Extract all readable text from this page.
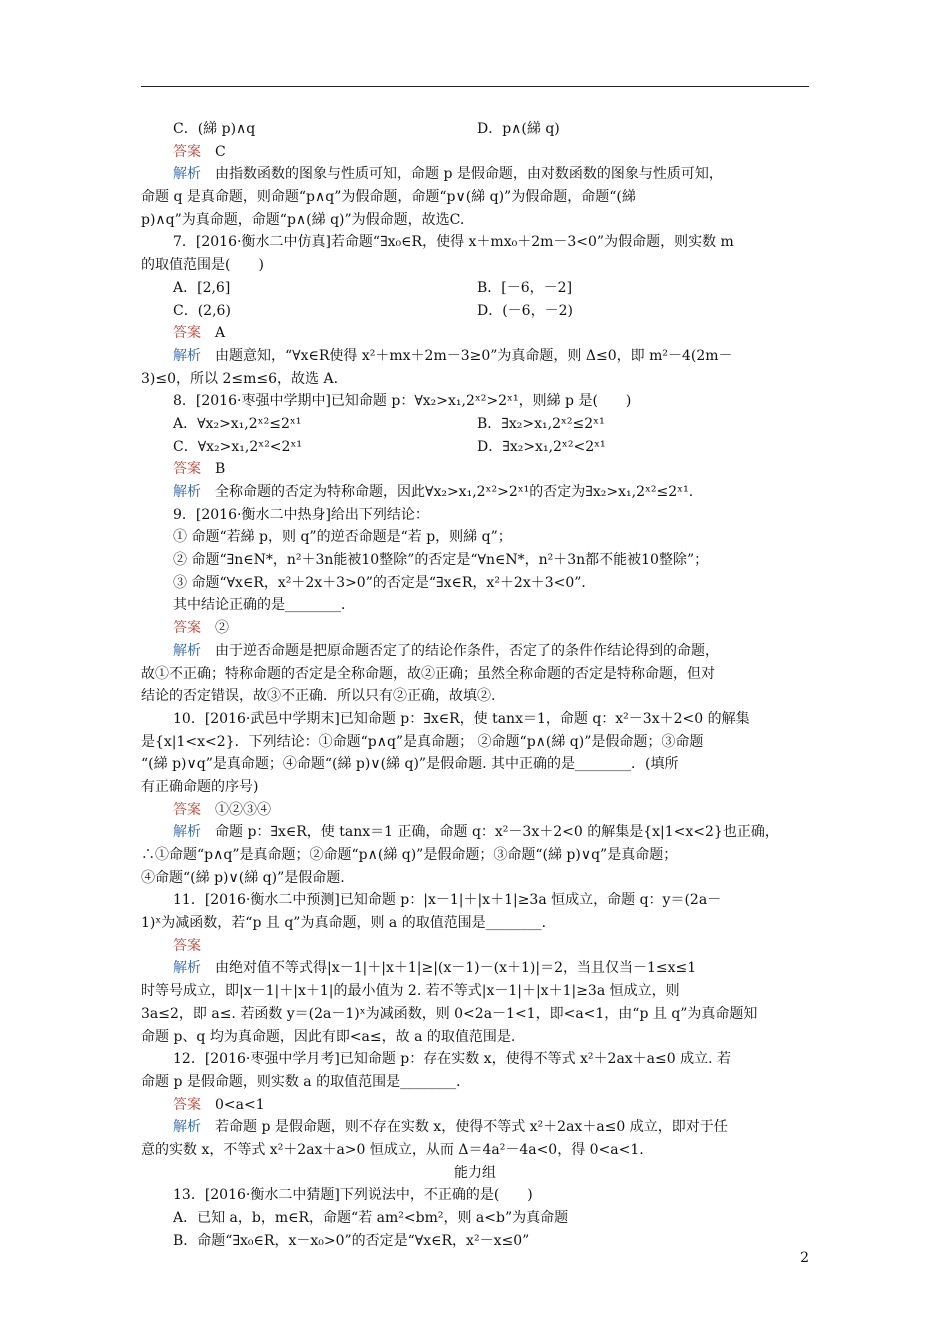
C．(綈 p)∧q	D．p∧(綈 q)
答案　 C
解析　 由指数函数的图象与性质可知，命题 p 是假命题，由对数函数的图象与性质可知，
命题 q 是真命题，则命题“p∧q”为假命题，命题“p∨(綈 q)”为假命题，命题“(綈
p)∧q”为真命题，命题“p∧(綈 q)”为假命题，故选C.
7．[2016·衡水二中仿真]若命题“∃x₀∈R，使得 x＋mx₀＋2m－3<0”为假命题，则实数 m
的取值范围是(　　)
A．[2,6]	B．[－6，－2]
C．(2,6)	D．(－6，－2)
答案　 A
解析　 由题意知，“∀x∈R使得 x²＋mx＋2m－3≥0”为真命题，则 Δ≤0，即 m²－4(2m－
3)≤0，所以 2≤m≤6，故选 A.
8．[2016·枣强中学期中]已知命题 p：∀x₂>x₁,2ˣ²>2ˣ¹，则綈 p 是(　　)
A．∀x₂>x₁,2ˣ²≤2ˣ¹	B．∃x₂>x₁,2ˣ²≤2ˣ¹
C．∀x₂>x₁,2ˣ²<2ˣ¹	D．∃x₂>x₁,2ˣ²<2ˣ¹
答案　 B
解析　 全称命题的否定为特称命题，因此∀x₂>x₁,2ˣ²>2ˣ¹的否定为∃x₂>x₁,2ˣ²≤2ˣ¹.
9．[2016·衡水二中热身]给出下列结论：
① 命题“若綈 p，则 q”的逆否命题是“若 p，则綈 q”；
② 命题“∃n∈N*，n²＋3n能被10整除”的否定是“∀n∈N*，n²＋3n都不能被10整除”；
③ 命题“∀x∈R，x²＋2x＋3>0”的否定是“∃x∈R，x²＋2x＋3<0”．
其中结论正确的是________．
答案　 ②
解析　 由于逆否命题是把原命题否定了的结论作条件，否定了的条件作结论得到的命题，
故①不正确；特称命题的否定是全称命题，故②正确；虽然全称命题的否定是特称命题，但对
结论的否定错误，故③不正确．所以只有②正确，故填②.
10．[2016·武邑中学期末]已知命题 p：∃x∈R，使 tanx＝1，命题 q：x²－3x＋2<0 的解集
是{x|1<x<2}．下列结论：①命题“p∧q”是真命题； ②命题“p∧(綈 q)”是假命题；③命题
“(綈 p)∨q”是真命题；④命题“(綈 p)∨(綈 q)”是假命题. 其中正确的是________．(填所
有正确命题的序号)
答案　 ①②③④
解析　 命题 p：∃x∈R，使 tanx＝1 正确，命题 q：x²－3x＋2<0 的解集是{x|1<x<2}也正确，
∴①命题“p∧q”是真命题；②命题“p∧(綈 q)”是假命题；③命题“(綈 p)∨q”是真命题；
④命题“(綈 p)∨(綈 q)”是假命题.
11．[2016·衡水二中预测]已知命题 p：|x－1|＋|x＋1|≥3a 恒成立，命题 q：y＝(2a－
1)ˣ为减函数，若“p 且 q”为真命题，则 a 的取值范围是________．
答案　
解析　 由绝对值不等式得|x－1|＋|x＋1|≥|(x－1)－(x＋1)|＝2，当且仅当－1≤x≤1
时等号成立，即|x－1|＋|x＋1|的最小值为 2. 若不等式|x－1|＋|x＋1|≥3a 恒成立，则
3a≤2，即 a≤. 若函数 y＝(2a－1)ˣ为减函数，则 0<2a－1<1，即<a<1，由“p 且 q”为真命题知
命题 p、q 均为真命题，因此有即<a≤，故 a 的取值范围是.
12．[2016·枣强中学月考]已知命题 p：存在实数 x，使得不等式 x²＋2ax＋a≤0 成立. 若
命题 p 是假命题，则实数 a 的取值范围是________．
答案　 0<a<1
解析　 若命题 p 是假命题，则不存在实数 x，使得不等式 x²＋2ax＋a≤0 成立，即对于任
意的实数 x，不等式 x²＋2ax＋a>0 恒成立，从而 Δ＝4a²－4a<0，得 0<a<1.
能力组
13．[2016·衡水二中猜题]下列说法中，不正确的是(　　)
A．已知 a，b，m∈R，命题“若 am²<bm²，则 a<b”为真命题
B．命题“∃x₀∈R，x－x₀>0”的否定是“∀x∈R，x²－x≤0”
2
